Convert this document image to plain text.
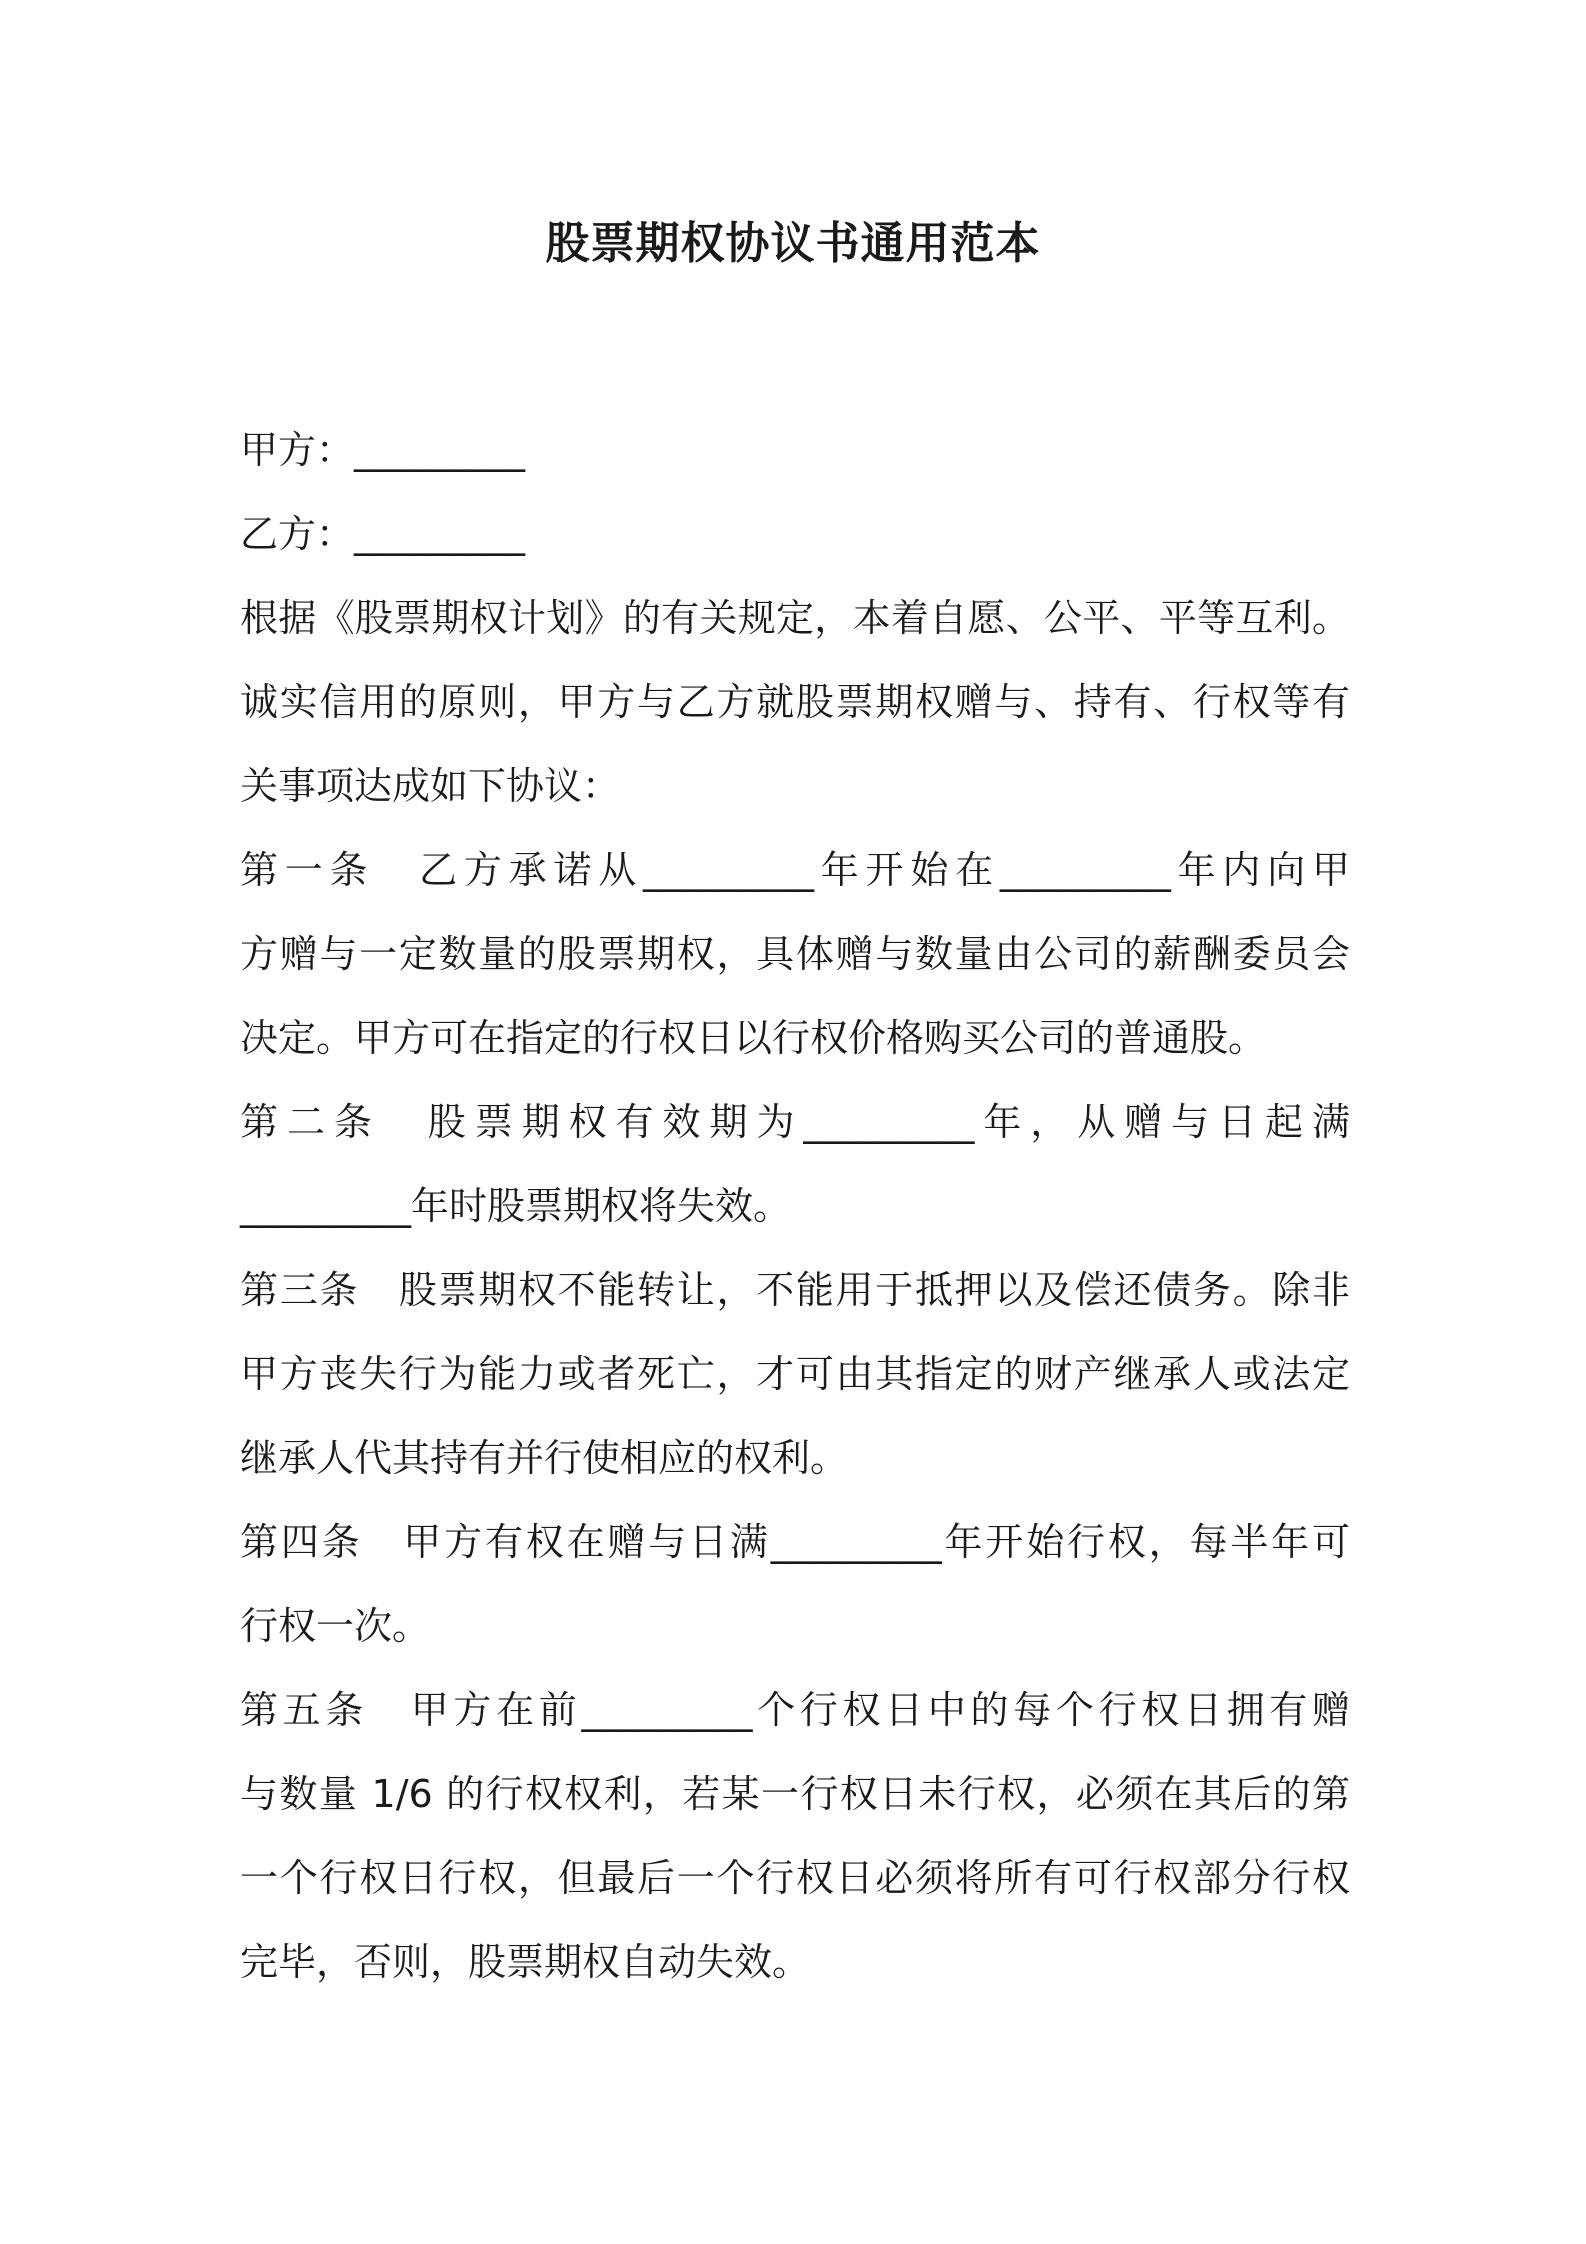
股票期权协议书通用范本
甲方：_________
乙方：_________
根据《股票期权计划》的有关规定，本着自愿、公平、平等互利。
诚实信用的原则，甲方与乙方就股票期权赠与、持有、行权等有
关事项达成如下协议：
第一条　乙方承诺从_________年开始在_________年内向甲
方赠与一定数量的股票期权，具体赠与数量由公司的薪酬委员会
决定。甲方可在指定的行权日以行权价格购买公司的普通股。
第二条　股票期权有效期为_________年，从赠与日起满
_________年时股票期权将失效。
第三条　股票期权不能转让，不能用于抵押以及偿还债务。除非
甲方丧失行为能力或者死亡，才可由其指定的财产继承人或法定
继承人代其持有并行使相应的权利。
第四条　甲方有权在赠与日满_________年开始行权，每半年可
行权一次。
第五条　甲方在前_________个行权日中的每个行权日拥有赠
与数量 1/6 的行权权利，若某一行权日未行权，必须在其后的第
一个行权日行权，但最后一个行权日必须将所有可行权部分行权
完毕，否则，股票期权自动失效。
